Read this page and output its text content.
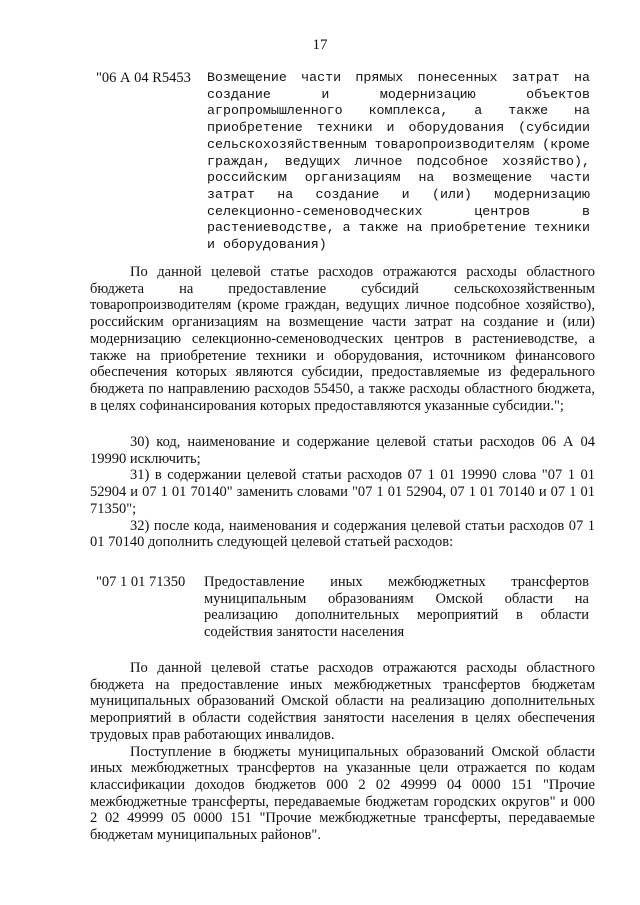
17
"06 А 04 R5453 Возмещение части прямых понесенных затрат на создание и модернизацию объектов агропромышленного комплекса, а также на приобретение техники и оборудования (субсидии сельскохозяйственным товаропроизводителям (кроме граждан, ведущих личное подсобное хозяйство), российским организациям на возмещение части затрат на создание и (или) модернизацию селекционно-семеноводческих центров в растениеводстве, а также на приобретение техники и оборудования)

По данной целевой статье расходов отражаются расходы областного бюджета на предоставление субсидий сельскохозяйственным товаропроизводителям (кроме граждан, ведущих личное подсобное хозяйство), российским организациям на возмещение части затрат на создание и (или) модернизацию селекционно-семеноводческих центров в растениеводстве, а также на приобретение техники и оборудования, источником финансового обеспечения которых являются субсидии, предоставляемые из федерального бюджета по направлению расходов 55450, а также расходы областного бюджета, в целях софинансирования которых предоставляются указанные субсидии.";

30) код, наименование и содержание целевой статьи расходов 06 А 04 19990 исключить;

31) в содержании целевой статьи расходов 07 1 01 19990 слова "07 1 01 52904 и 07 1 01 70140" заменить словами "07 1 01 52904, 07 1 01 70140 и 07 1 01 71350";

32) после кода, наименования и содержания целевой статьи расходов 07 1 01 70140 дополнить следующей целевой статьей расходов:

"07 1 01 71350 Предоставление иных межбюджетных трансфертов муниципальным образованиям Омской области на реализацию дополнительных мероприятий в области содействия занятости населения

По данной целевой статье расходов отражаются расходы областного бюджета на предоставление иных межбюджетных трансфертов бюджетам муниципальных образований Омской области на реализацию дополнительных мероприятий в области содействия занятости населения в целях обеспечения трудовых прав работающих инвалидов.

Поступление в бюджеты муниципальных образований Омской области иных межбюджетных трансфертов на указанные цели отражается по кодам классификации доходов бюджетов 000 2 02 49999 04 0000 151 "Прочие межбюджетные трансферты, передаваемые бюджетам городских округов" и 000 2 02 49999 05 0000 151 "Прочие межбюджетные трансферты, передаваемые бюджетам муниципальных районов".
